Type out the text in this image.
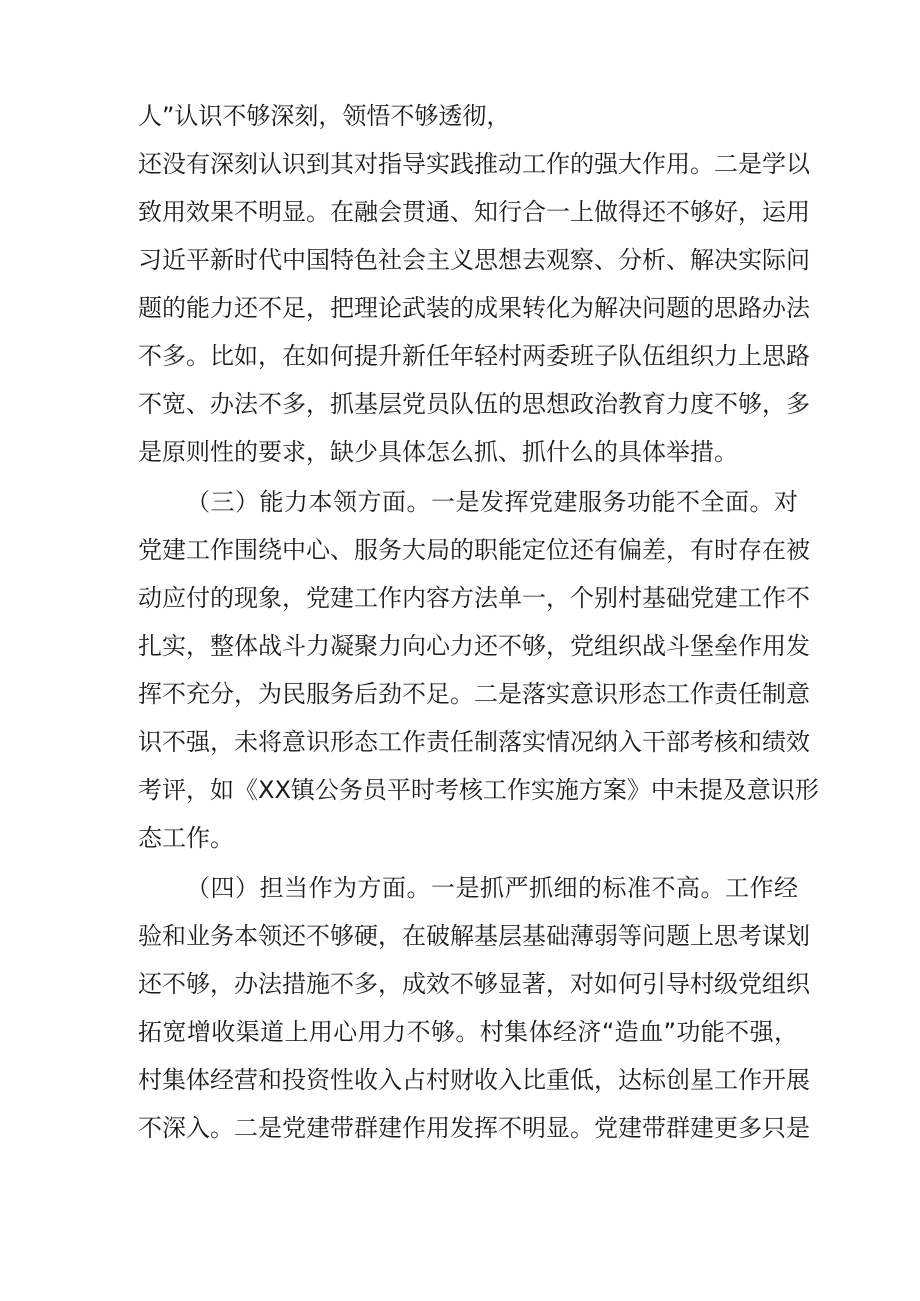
人”认识不够深刻，领悟不够透彻，
还没有深刻认识到其对指导实践推动工作的强大作用。二是学以
致用效果不明显。在融会贯通、知行合一上做得还不够好，运用
习近平新时代中国特色社会主义思想去观察、分析、解决实际问
题的能力还不足，把理论武装的成果转化为解决问题的思路办法
不多。比如，在如何提升新任年轻村两委班子队伍组织力上思路
不宽、办法不多，抓基层党员队伍的思想政治教育力度不够，多
是原则性的要求，缺少具体怎么抓、抓什么的具体举措。
（三）能力本领方面。一是发挥党建服务功能不全面。对
党建工作围绕中心、服务大局的职能定位还有偏差，有时存在被
动应付的现象，党建工作内容方法单一，个别村基础党建工作不
扎实，整体战斗力凝聚力向心力还不够，党组织战斗堡垒作用发
挥不充分，为民服务后劲不足。二是落实意识形态工作责任制意
识不强，未将意识形态工作责任制落实情况纳入干部考核和绩效
考评，如《XX镇公务员平时考核工作实施方案》中未提及意识形
态工作。
（四）担当作为方面。一是抓严抓细的标准不高。工作经
验和业务本领还不够硬，在破解基层基础薄弱等问题上思考谋划
还不够，办法措施不多，成效不够显著，对如何引导村级党组织
拓宽增收渠道上用心用力不够。村集体经济“造血”功能不强，
村集体经营和投资性收入占村财收入比重低，达标创星工作开展
不深入。二是党建带群建作用发挥不明显。党建带群建更多只是
